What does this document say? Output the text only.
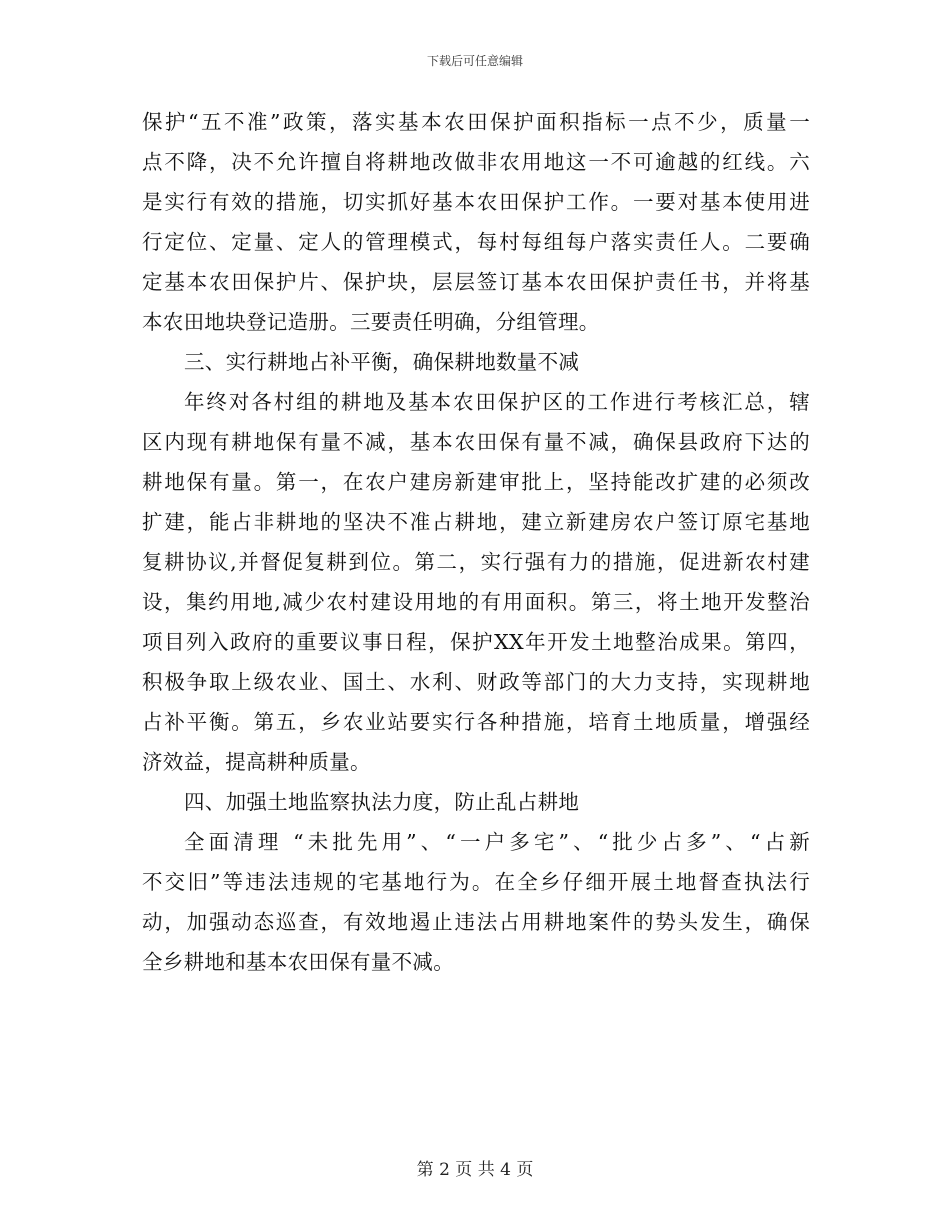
下载后可任意编辑
保护“五不准”政策，落实基本农田保护面积指标一点不少，质量一
点不降，决不允许擅自将耕地改做非农用地这一不可逾越的红线。六
是实行有效的措施，切实抓好基本农田保护工作。一要对基本使用进
行定位、定量、定人的管理模式，每村每组每户落实责任人。二要确
定基本农田保护片、保护块，层层签订基本农田保护责任书，并将基
本农田地块登记造册。三要责任明确，分组管理。
三、实行耕地占补平衡，确保耕地数量不减
年终对各村组的耕地及基本农田保护区的工作进行考核汇总，辖
区内现有耕地保有量不减，基本农田保有量不减，确保县政府下达的
耕地保有量。第一，在农户建房新建审批上，坚持能改扩建的必须改
扩建，能占非耕地的坚决不准占耕地，建立新建房农户签订原宅基地
复耕协议,并督促复耕到位。第二，实行强有力的措施，促进新农村建
设，集约用地,减少农村建设用地的有用面积。第三，将土地开发整治
项目列入政府的重要议事日程，保护XX年开发土地整治成果。第四，
积极争取上级农业、国土、水利、财政等部门的大力支持，实现耕地
占补平衡。第五，乡农业站要实行各种措施，培育土地质量，增强经
济效益，提高耕种质量。
四、加强土地监察执法力度，防止乱占耕地
全面清理 “未批先用”、“一户多宅”、“批少占多”、“占新
不交旧”等违法违规的宅基地行为。在全乡仔细开展土地督查执法行
动，加强动态巡查，有效地遏止违法占用耕地案件的势头发生，确保
全乡耕地和基本农田保有量不减。
第 2 页 共 4 页
